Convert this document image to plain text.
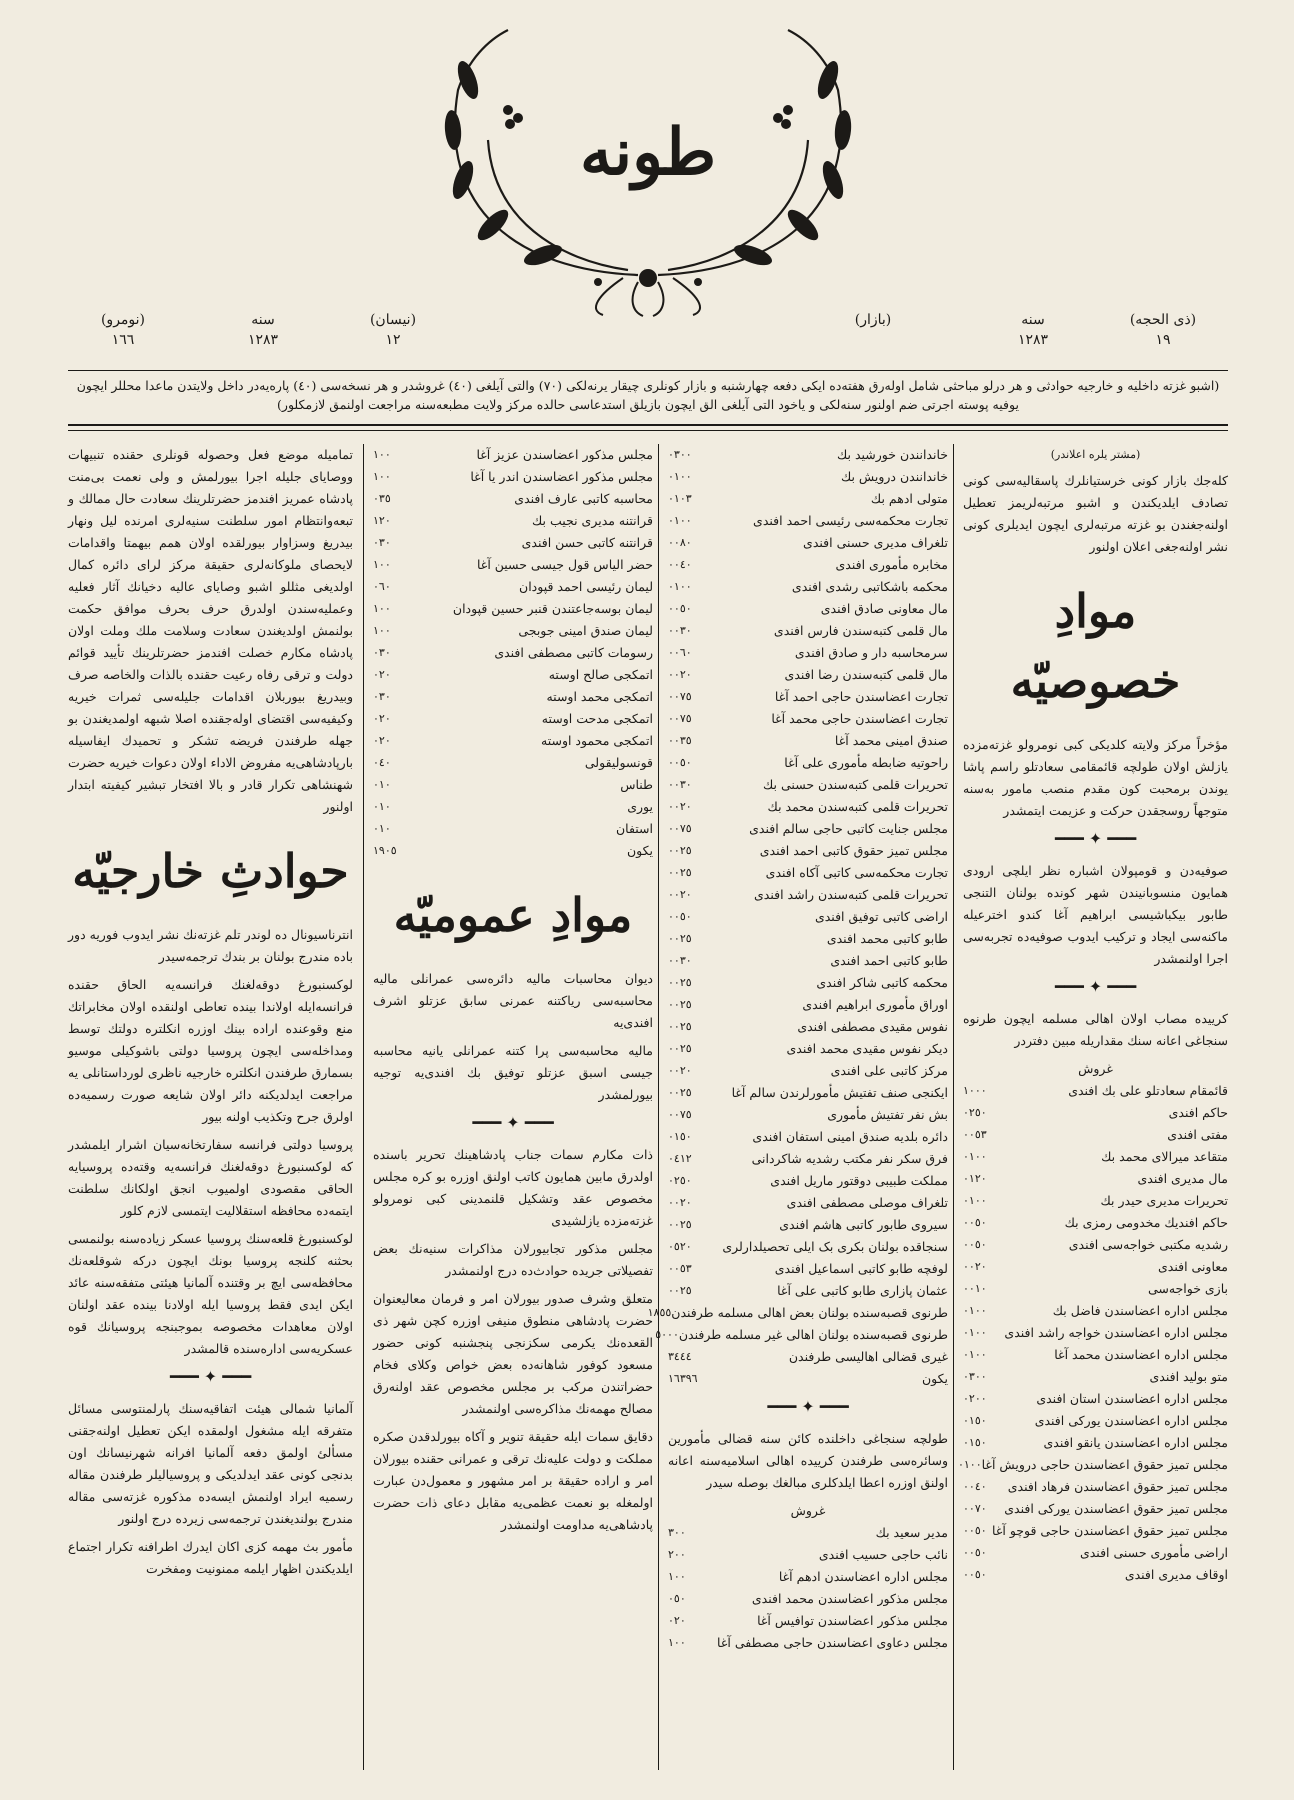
طونه
(ذی الحجه)
١٩
سنه
١٢٨٣
(بازار)
(نیسان)
١٢
سنه
١٢٨٣
(نومرو)
١٦٦
(اشبو غزته داخلیه و خارجیه حوادثی و هر درلو مباحثی شامل اوله‌رق هفته‌ده ایکی دفعه چهارشنبه و بازار کونلری چیقار یرنه‌لکی (٧٠) والتی آیلغی (٤٠) غروشدر و هر نسخه‌سی (٤٠) پاره‌یه‌در داخل ولایتدن ماعدا محللر ایچون
یوفیه پوسته اجرتی ضم اولنور سنه‌لکی و یاخود التی آیلغی الق ایچون بازیلق استدعاسی حالده مرکز ولایت مطبعه‌سنه مراجعت اولنمق لازمکلور)
(مشتر یلره اعلاندر)

کله‌جك بازار کونی خرستیانلرك پاسقالیه‌سی کونی تصادف ایلدیکندن و اشبو مرتبه‌لریمز تعطیل اولنه‌جغندن بو غزته مرتبه‌لری ایچون ایدیلری کونی نشر اولنه‌جغی اعلان اولنور

موادِ خصوصیّه

مؤخراً مرکز ولایته کلدیکی کبی نومرولو غزته‌مزده یازلش اولان طولچه قائمقامی سعادتلو راسم پاشا یوندن برمحبت کون مقدم منصب مامور به‌سنه متوجهاً روسجقدن حرکت و عزیمت ایتمشدر

━━━ ✦ ━━━

صوفیه‌دن و قومپولان اشباره نظر ایلچی ارودی همایون منسوبانیندن شهر کونده بولنان التنجی طابور بیکباشیسی ابراهیم آغا کندو اخترعیله ماکنه‌سی ایجاد و ترکیب ایدوب صوفیه‌ده تجربه‌سی اجرا اولنمشدر

━━━ ✦ ━━━

کرییده مصاب اولان اهالی مسلمه ایچون طرنوه سنجاغی اعانه سنك مقداریله مبین دفتردر

غروش
قائمقام سعادتلو علی بك افندی
١٠٠٠
حاکم افندی
٠٢٥٠
مفتی افندی
٠٠٥٣
متقاعد میرالای محمد بك
٠١٠٠
مال مدیری افندی
٠١٢٠
تحریرات مدیری حیدر بك
٠١٠٠
حاکم افندیك مخدومی رمزی بك
٠٠٥٠
رشدیه مکتبی خواجه‌سی افندی
٠٠٥٠
معاونی افندی
٠٠٢٠
بازی خواجه‌سی
٠٠١٠
مجلس اداره اعضاسندن فاضل بك
٠١٠٠
مجلس اداره اعضاسندن خواجه راشد افندی
٠١٠٠
مجلس اداره اعضاسندن محمد آغا
٠١٠٠
متو بولید افندی
٠٣٠٠
مجلس اداره اعضاسندن استان افندی
٠٢٠٠
مجلس اداره اعضاسندن یورکی افندی
٠١٥٠
مجلس اداره اعضاسندن یانقو افندی
٠١٥٠
مجلس تمیز حقوق اعضاسندن حاجی درویش آغا
٠١٠٠
مجلس تمیز حقوق اعضاسندن فرهاد افندی
٠٠٤٠
مجلس تمیز حقوق اعضاسندن یورکی افندی
٠٠٧٠
مجلس تمیز حقوق اعضاسندن حاجی قوچو آغا
٠٠٥٠
اراضی مأموری حسنی افندی
٠٠٥٠
اوقاف مدیری افندی
٠٠٥٠
خاندانندن خورشید بك
٠٣٠٠
خاندانندن درویش بك
٠١٠٠
متولی ادهم بك
٠١٠٣
تجارت محکمه‌سی رئیسی احمد افندی
٠١٠٠
تلغراف مدیری حسنی افندی
٠٠٨٠
مخابره مأموری افندی
٠٠٤٠
محکمه باشکاتبی رشدی افندی
٠١٠٠
مال معاونی صادق افندی
٠٠٥٠
مال قلمی کتبه‌سندن فارس افندی
٠٠٣٠
سرمحاسبه دار و صادق افندی
٠٠٦٠
مال قلمی کتبه‌سندن رضا افندی
٠٠٢٠
تجارت اعضاسندن حاجی احمد آغا
٠٠٧٥
تجارت اعضاسندن حاجی محمد آغا
٠٠٧٥
صندق امینی محمد آغا
٠٠٣٥
راحوتیه ضابطه مأموری علی آغا
٠٠٥٠
تحریرات قلمی کتبه‌سندن حسنی بك
٠٠٣٠
تحریرات قلمی کتبه‌سندن محمد بك
٠٠٢٠
مجلس جنایت کاتبی حاجی سالم افندی
٠٠٧٥
مجلس تمیز حقوق کاتبی احمد افندی
٠٠٢٥
تجارت محکمه‌سی کاتبی آکاه افندی
٠٠٢٥
تحریرات قلمی کتبه‌سندن راشد افندی
٠٠٢٠
اراضی کاتبی توفیق افندی
٠٠٥٠
طابو کاتبی محمد افندی
٠٠٢٥
طابو کاتبی احمد افندی
٠٠٣٠
محکمه کاتبی شاکر افندی
٠٠٢٥
اوراق مأموری ابراهیم افندی
٠٠٢٥
نفوس مقیدی مصطفی افندی
٠٠٢٥
دیکر نفوس مقیدی محمد افندی
٠٠٢٥
مرکز کاتبی علی افندی
٠٠٢٠
ایکنجی صنف تفتیش مأمورلرندن سالم آغا
٠٠٢٥
بش نفر تفتیش مأموری
٠٠٧٥
دائره بلدیه صندق امینی استفان افندی
٠١٥٠
فرق سکر نفر مکتب رشدیه شاکردانی
٠٤١٢
مملکت طبیبی دوقتور ماریل افندی
٠٢٥٠
تلغراف موصلی مصطفی افندی
٠٠٢٠
سیروی طابور کاتبی هاشم افندی
٠٠٢٥
سنجاقده بولنان بکری بک ایلی تحصیلدارلری
٠٥٢٠
لوفچه طابو کاتبی اسماعیل افندی
٠٠٥٣
عثمان پازاری طابو کاتبی علی آغا
٠٠٢٥
طرنوی قصبه‌سنده بولنان بعض اهالی مسلمه طرفندن
١٨٥٥
طرنوی قصبه‌سنده بولنان اهالی غیر مسلمه طرفندن
٥٠٠٠
غیری قضالی اهالیسی طرفندن
٣٤٤٤
یکون
١٦٣٩٦
━━━ ✦ ━━━

طولچه سنجاغی داخلنده کائن سنه قضالی مأمورین وسائره‌سی طرفندن کرییده اهالی اسلامیه‌سنه اعانه اولنق اوزره اعطا ایلدکلری مبالغك بوصله سیدر

غروش
مدیر سعید بك
٣٠٠
نائب حاجی حسیب افندی
٢٠٠
مجلس اداره اعضاسندن ادهم آغا
١٠٠
مجلس مذکور اعضاسندن محمد افندی
٠٥٠
مجلس مذکور اعضاسندن توافیس آغا
٠٢٠
مجلس دعاوی اعضاسندن حاجی مصطفی آغا
١٠٠
مجلس مذکور اعضاسندن عزیز آغا
١٠٠
مجلس مذکور اعضاسندن اندر یا آغا
١٠٠
محاسبه کاتبی عارف افندی
٠٣٥
قرانتنه مدیری نجیب بك
١٢٠
قرانتنه کاتبی حسن افندی
٠٣٠
حضر الیاس قول جیسی حسین آغا
١٠٠
لیمان رئیسی احمد قپودان
٠٦٠
لیمان بوسه‌جاعتندن قنبر حسین قپودان
١٠٠
لیمان صندق امینی جوبجی
١٠٠
رسومات کاتبی مصطفی افندی
٠٣٠
اتمکجی صالح اوسته
٠٢٠
اتمکجی محمد اوسته
٠٣٠
اتمکجی مدحت اوسته
٠٢٠
اتمکجی محمود اوسته
٠٢٠
قونسولیقولی
٠٤٠
طناس
٠١٠
یوری
٠١٠
استفان
٠١٠
یکون
١٩٠٥
موادِ عمومیّه

دیوان محاسبات مالیه دائره‌سی عمرانلی مالیه محاسبه‌سی رياكتنه عمرنی سابق عزتلو اشرف افندی‌یه

مالیه محاسبه‌سی پرا کتنه عمرانلی یانیه محاسبه جیسی اسبق عزتلو توفیق بك افندی‌یه توجیه بیورلمشدر

━━━ ✦ ━━━

ذات مکارم سمات جناب پادشاهینك تحریر باسنده اولدرق مابین همایون کاتب اولنق اوزره بو کره مجلس مخصوص عقد وتشکیل قلنمدینی کبی نومرولو غزته‌مزده یازلشیدی

مجلس مذکور تجابیورلان مذاکرات سنیه‌نك بعض تفصیلاتی جریده حوادث‌ده درج اولنمشدر

متعلق وشرف صدور بیورلان امر و فرمان معالیعنوان حضرت پادشاهی منطوق منیفی اوزره کچن شهر ذی القعده‌نك یکرمی سکزنجی پنجشنبه کونی حضور مسعود کوفور شاهانه‌ده بعض خواص وکلای فخام حضراتندن مرکب بر مجلس مخصوص عقد اولنه‌رق مصالح مهمه‌نك مذاکره‌سی اولنمشدر

دقایق سمات ایله حقیقة تنویر و آکاه بیورلدقدن صکره مملکت و دولت علیه‌نك ترقی و عمرانی حقنده بیورلان امر و اراده حقیقة بر امر مشهور و معمول‌دن عبارت اولمغله بو نعمت عظمی‌یه مقابل دعای ذات حضرت پادشاهی‌یه مداومت اولنمشدر

تمامیله موضع فعل وحصوله قونلری حقنده تنبیهات ووصایای جلیله اجرا بیورلمش و ولی نعمت بی‌منت پادشاه عمریز افندمز حضرتلرینك سعادت حال ممالك و تبعه‌وانتظام امور سلطنت سنیه‌لری امرنده لیل ونهار بیدریغ وسزاوار بیورلقده اولان همم بیهمتا واقدامات لایحصای ملوکانه‌لری حقیقة مرکز لرای دائره کمال اولدیغی مثللو اشبو وصایای عالیه دخیانك آثار فعلیه وعملیه‌سندن اولدرق حرف بحرف موافق حکمت بولنمش اولدیغندن سعادت وسلامت ملك وملت اولان پادشاه مکارم خصلت افندمز حضرتلرینك تأیید قوائم دولت و ترقی رفاه رعیت حقنده بالذات والخاصه صرف وبیدریغ بیوربلان اقدامات جلیله‌سی ثمرات خیریه وکیفیه‌سی اقتضای اوله‌جقنده اصلا شبهه اولمدیغندن بو جهله طرفندن فریضه تشکر و تحمیدك ایفاسیله بارپادشاهی‌یه مفروض الاداء اولان دعوات خیریه حضرت شهنشاهی تکرار قادر و بالا افتخار تبشیر کیفیته ابتدار اولنور

حوادثِ خارجیّه

انترناسیونال ده لوندر تلم غزته‌نك نشر ایدوب فوریه دور باده مندرج بولنان بر بندك ترجمه‌سیدر

لوکسنبورغ دوقه‌لغنك فرانسه‌یه الحاق حقنده فرانسه‌ایله اولاندا بینده تعاطی اولنقده اولان مخابراتك منع وقوعنده اراده بینك اوزره انکلتره دولتك توسط ومداخله‌سی ایچون پروسیا دولتی باشوکیلی موسیو بسمارق طرفندن انکلتره خارجیه ناظری لورداستانلی یه مراجعت ایدلدیکنه دائر اولان شایعه صورت رسمیه‌ده اولرق جرح وتکذیب اولنه بیور

پروسیا دولتی فرانسه سفارتخانه‌سیان اشرار ایلمشدر که لوکسنبورغ دوقه‌لغنك فرانسه‌یه وقته‌ده پروسیایه الحاقی مقصودی اولمیوب انجق اولکانك سلطنت ایتمه‌ده محافظه استقلالیت ایتمسی لازم کلور

لوکسنبورغ قلعه‌سنك پروسیا عسکر زیاده‌سنه بولنمسی بحثنه کلنجه پروسیا بونك ایچون درکه شوقلعه‌نك محافظه‌سی ایچ بر وقتنده آلمانیا هیئتی متفقه‌سنه عائد ایکن ایدی فقط پروسیا ایله اولادنا بینده عقد اولنان اولان معاهدات مخصوصه بموجبنجه پروسیانك قوه عسکریه‌سی اداره‌سنده قالمشدر

━━━ ✦ ━━━

آلمانیا شمالی هیئت اتفاقیه‌سنك پارلمنتوسی مسائل متفرقه ایله مشغول اولمقده ایکن تعطیل اولنه‌جقنی مسألئ اولمق دفعه آلمانیا افرانه شهرنیسانك اون بدنجی کونی عقد ایدلدیکی و پروسیالیلر طرفندن مقاله رسمیه ایراد اولنمش ایسه‌ده مذکوره غزته‌سی مقاله مندرج بولندیغندن ترجمه‌سی زیرده درج اولنور

مأمور بث مهمه کزی اکان ایدرك اطرافنه تکرار اجتماع ایلدیکندن اظهار ایلمه ممنونیت ومفخرت
